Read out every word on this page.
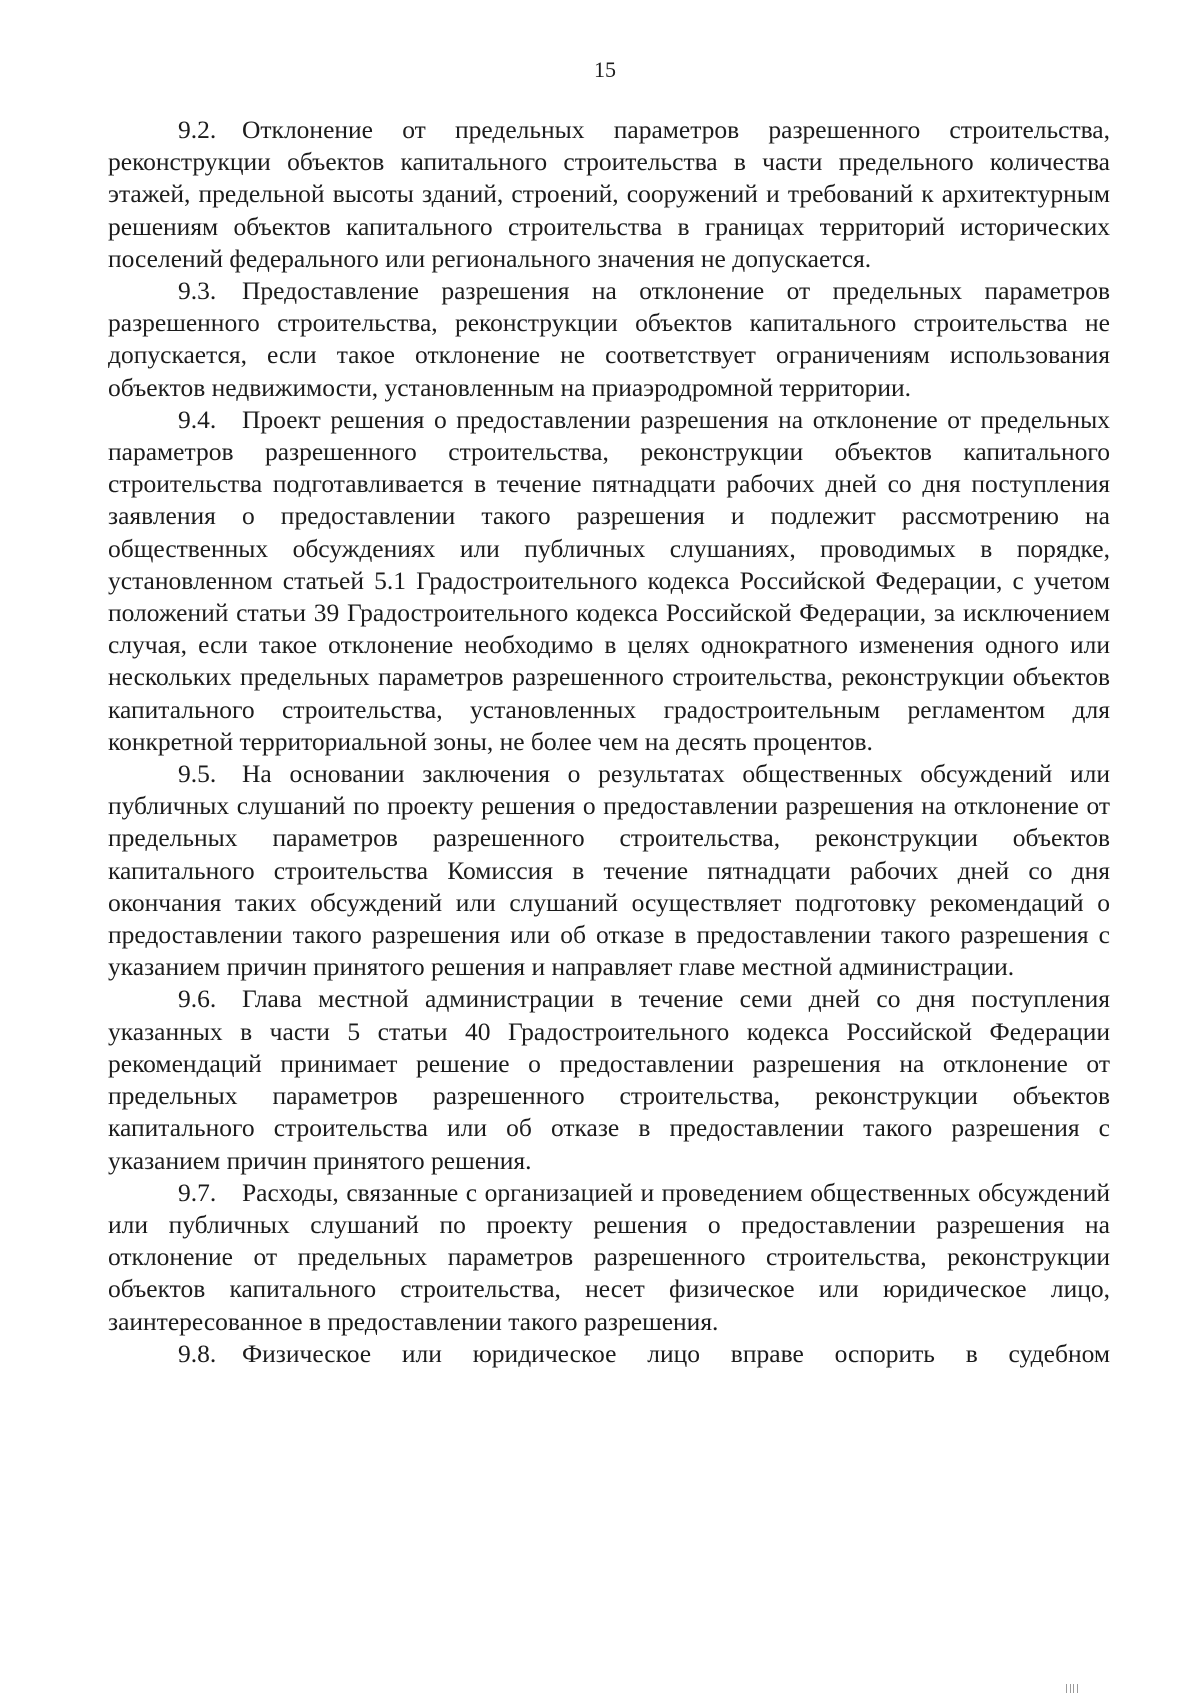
15

9.2. Отклонение от предельных параметров разрешенного строительства, реконструкции объектов капитального строительства в части предельного количества этажей, предельной высоты зданий, строений, сооружений и требований к архитектурным решениям объектов капитального строительства в границах территорий исторических поселений федерального или регионального значения не допускается.

9.3. Предоставление разрешения на отклонение от предельных параметров разрешенного строительства, реконструкции объектов капитального строительства не допускается, если такое отклонение не соответствует ограничениям использования объектов недвижимости, установленным на приаэродромной территории.

9.4. Проект решения о предоставлении разрешения на отклонение от предельных параметров разрешенного строительства, реконструкции объектов капитального строительства подготавливается в течение пятнадцати рабочих дней со дня поступления заявления о предоставлении такого разрешения и подлежит рассмотрению на общественных обсуждениях или публичных слушаниях, проводимых в порядке, установленном статьей 5.1 Градостроительного кодекса Российской Федерации, с учетом положений статьи 39 Градостроительного кодекса Российской Федерации, за исключением случая, если такое отклонение необходимо в целях однократного изменения одного или нескольких предельных параметров разрешенного строительства, реконструкции объектов капитального строительства, установленных градостроительным регламентом для конкретной территориальной зоны, не более чем на десять процентов.

9.5. На основании заключения о результатах общественных обсуждений или публичных слушаний по проекту решения о предоставлении разрешения на отклонение от предельных параметров разрешенного строительства, реконструкции объектов капитального строительства Комиссия в течение пятнадцати рабочих дней со дня окончания таких обсуждений или слушаний осуществляет подготовку рекомендаций о предоставлении такого разрешения или об отказе в предоставлении такого разрешения с указанием причин принятого решения и направляет главе местной администрации.

9.6. Глава местной администрации в течение семи дней со дня поступления указанных в части 5 статьи 40 Градостроительного кодекса Российской Федерации рекомендаций принимает решение о предоставлении разрешения на отклонение от предельных параметров разрешенного строительства, реконструкции объектов капитального строительства или об отказе в предоставлении такого разрешения с указанием причин принятого решения.

9.7. Расходы, связанные с организацией и проведением общественных обсуждений или публичных слушаний по проекту решения о предоставлении разрешения на отклонение от предельных параметров разрешенного строительства, реконструкции объектов капитального строительства, несет физическое или юридическое лицо, заинтересованное в предоставлении такого разрешения.

9.8. Физическое или юридическое лицо вправе оспорить в судебном
